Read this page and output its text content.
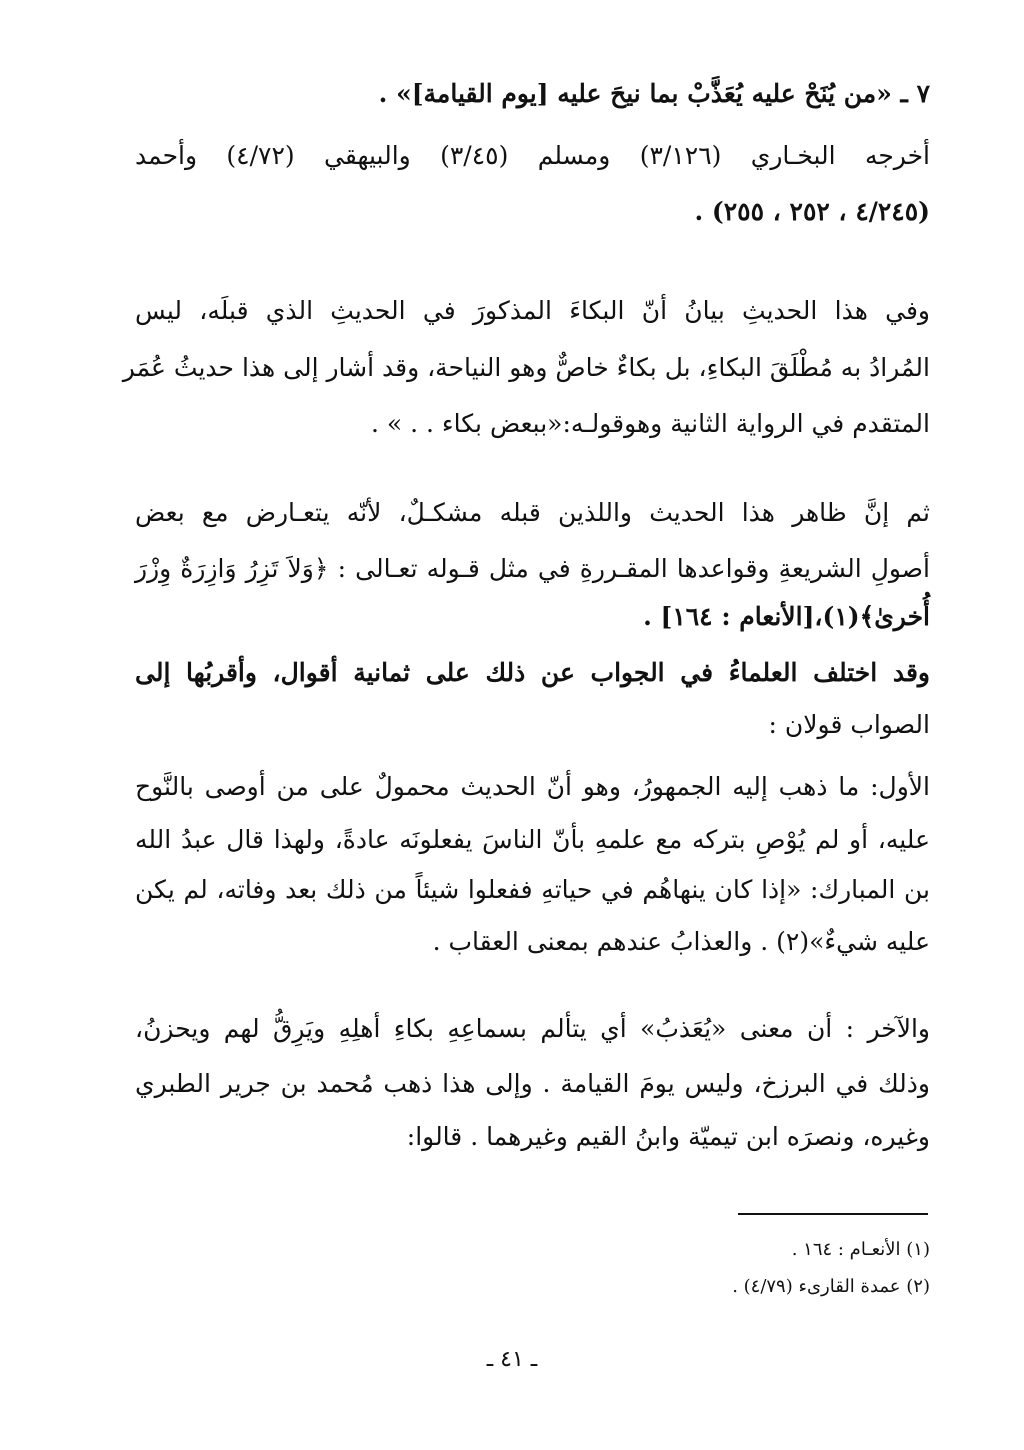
٧ ـ «من يُنَحْ عليه يُعَذَّبْ بما نيحَ عليه [يوم القيامة]» .
أخرجه البخـاري (٣/١٢٦) ومسلم (٣/٤٥) والبيهقي (٤/٧٢) وأحمد
(٤/٢٤٥ ، ٢٥٢ ، ٢٥٥) .
وفي هذا الحديثِ بيانُ أنّ البكاءَ المذكورَ في الحديثِ الذي قبلَه، ليس
المُرادُ به مُطْلَقَ البكاءِ، بل بكاءٌ خاصٌّ وهو النياحة، وقد أشار إلى هذا حديثُ عُمَر
المتقدم في الرواية الثانية وهوقولـه:«ببعض بكاء . . » .
ثم إنَّ ظاهر هذا الحديث واللذين قبله مشكـلٌ، لأنّه يتعـارض مع بعض
أصولِ الشريعةِ وقواعدها المقـررةِ في مثل قـوله تعـالى : ﴿وَلاَ تَزِرُ وَازِرَةٌ وِزْرَ
أُخرىٰ﴾(١)،[الأنعام : ١٦٤] .
وقد اختلف العلماءُ في الجواب عن ذلك على ثمانية أقوال، وأقربُها إلى
الصواب قولان :
الأول: ما ذهب إليه الجمهورُ، وهو أنّ الحديث محمولٌ على من أوصى بالنَّوح
عليه، أو لم يُوْصِ بتركه مع علمهِ بأنّ الناسَ يفعلونَه عادةً، ولهذا قال عبدُ الله
بن المبارك: «إذا كان ينهاهُم في حياتهِ ففعلوا شيئاً من ذلك بعد وفاته، لم يكن
عليه شيءٌ»(٢) . والعذابُ عندهم بمعنى العقاب .
والآخر : أن معنى «يُعَذبُ» أي يتألم بسماعِهِ بكاءِ أهلِهِ ويَرِقُّ لهم ويحزنُ،
وذلك في البرزخ، وليس يومَ القيامة . وإلى هذا ذهب مُحمد بن جرير الطبري
وغيره، ونصرَه ابن تيميّة وابنُ القيم وغيرهما . قالوا:
(١) الأنعـام : ١٦٤ .
(٢) عمدة القارىء (٤/٧٩) .
ـ ٤١ ـ
